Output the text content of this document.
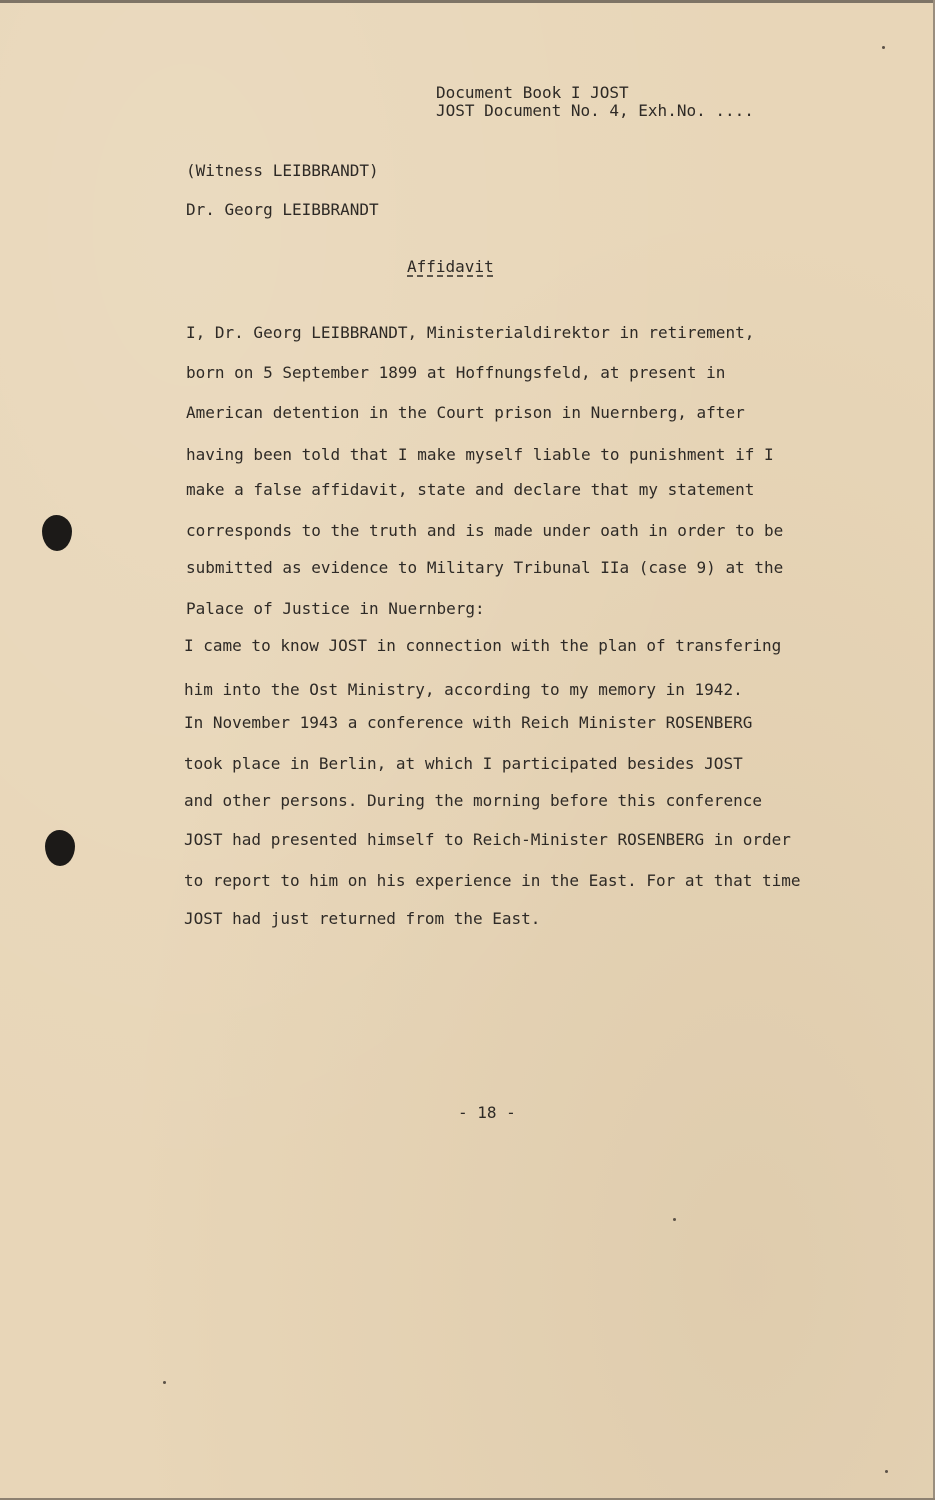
Document Book I JOST

JOST Document No. 4, Exh.No. ....

(Witness LEIBBRANDT)

Dr. Georg LEIBBRANDT

Affidavit

I, Dr. Georg LEIBBRANDT, Ministerialdirektor in retirement,

born on 5 September 1899 at Hoffnungsfeld, at present in

American detention in the Court prison in Nuernberg, after

having been told that I make myself liable to punishment if I

make a false affidavit, state and declare that my statement

corresponds to the truth and is made under oath in order to be

submitted as evidence to Military Tribunal IIa (case 9) at the

Palace of Justice in Nuernberg:

I came to know JOST in connection with the plan of transfering

him into the Ost Ministry, according to my memory in 1942.

In November 1943 a conference with Reich Minister ROSENBERG

took place in Berlin, at which I participated besides JOST

and other persons. During the morning before this conference

JOST had presented himself to Reich-Minister ROSENBERG in order

to report to him on his experience in the East. For at that time

JOST had just returned from the East.

- 18 -
